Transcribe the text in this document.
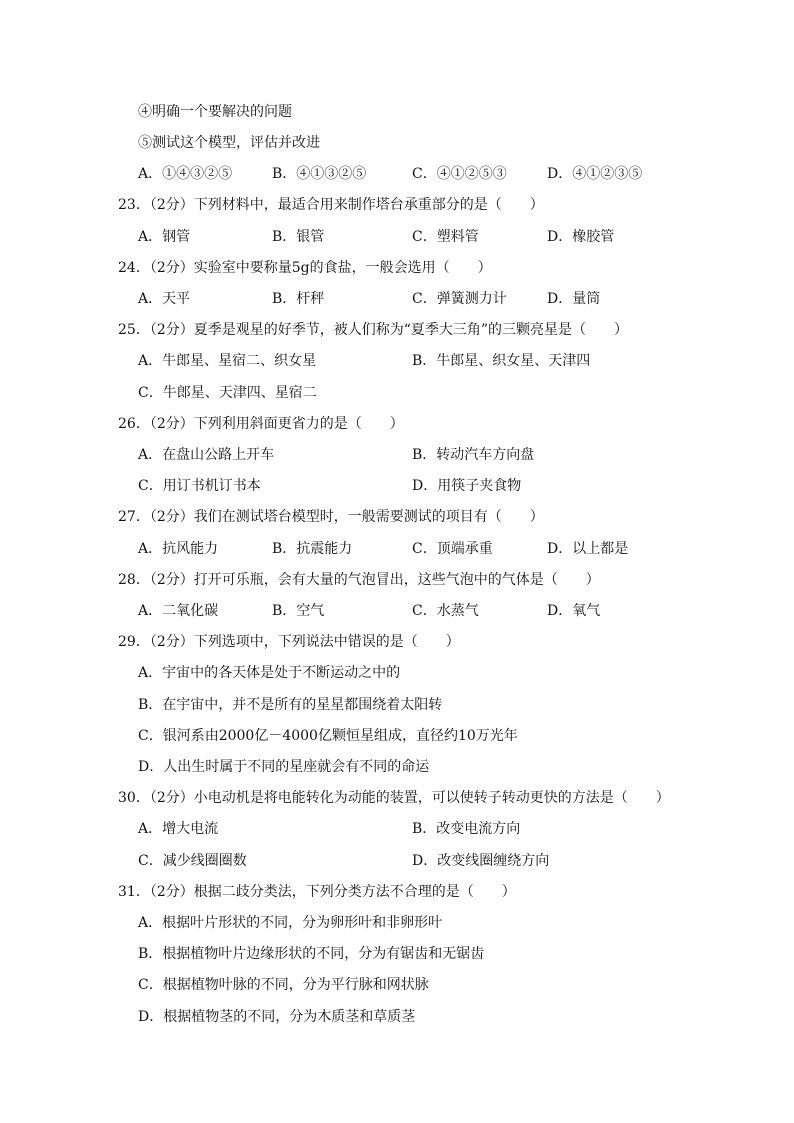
④明确一个要解决的问题
⑤测试这个模型，评估并改进
A．①④③②⑤	B．④①③②⑤	C．④①②⑤③	D．④①②③⑤
23．（2分）下列材料中，最适合用来制作塔台承重部分的是（　　）
A．钢管	B．银管	C．塑料管	D．橡胶管
24．（2分）实验室中要称量5g的食盐，一般会选用（　　）
A．天平	B．杆秤	C．弹簧测力计	D．量筒
25．（2分）夏季是观星的好季节，被人们称为“夏季大三角”的三颗亮星是（　　）
A．牛郎星、星宿二、织女星	B．牛郎星、织女星、天津四
C．牛郎星、天津四、星宿二
26．（2分）下列利用斜面更省力的是（　　）
A．在盘山公路上开车	B．转动汽车方向盘
C．用订书机订书本	D．用筷子夹食物
27．（2分）我们在测试塔台模型时，一般需要测试的项目有（　　）
A．抗风能力	B．抗震能力	C．顶端承重	D．以上都是
28．（2分）打开可乐瓶，会有大量的气泡冒出，这些气泡中的气体是（　　）
A．二氧化碳	B．空气	C．水蒸气	D．氧气
29．（2分）下列选项中，下列说法中错误的是（　　）
A．宇宙中的各天体是处于不断运动之中的
B．在宇宙中，并不是所有的星星都围绕着太阳转
C．银河系由2000亿－4000亿颗恒星组成，直径约10万光年
D．人出生时属于不同的星座就会有不同的命运
30．（2分）小电动机是将电能转化为动能的装置，可以使转子转动更快的方法是（　　）
A．增大电流	B．改变电流方向
C．减少线圈圈数	D．改变线圈缠绕方向
31．（2分）根据二歧分类法，下列分类方法不合理的是（　　）
A．根据叶片形状的不同，分为卵形叶和非卵形叶
B．根据植物叶片边缘形状的不同，分为有锯齿和无锯齿
C．根据植物叶脉的不同，分为平行脉和网状脉
D．根据植物茎的不同，分为木质茎和草质茎
